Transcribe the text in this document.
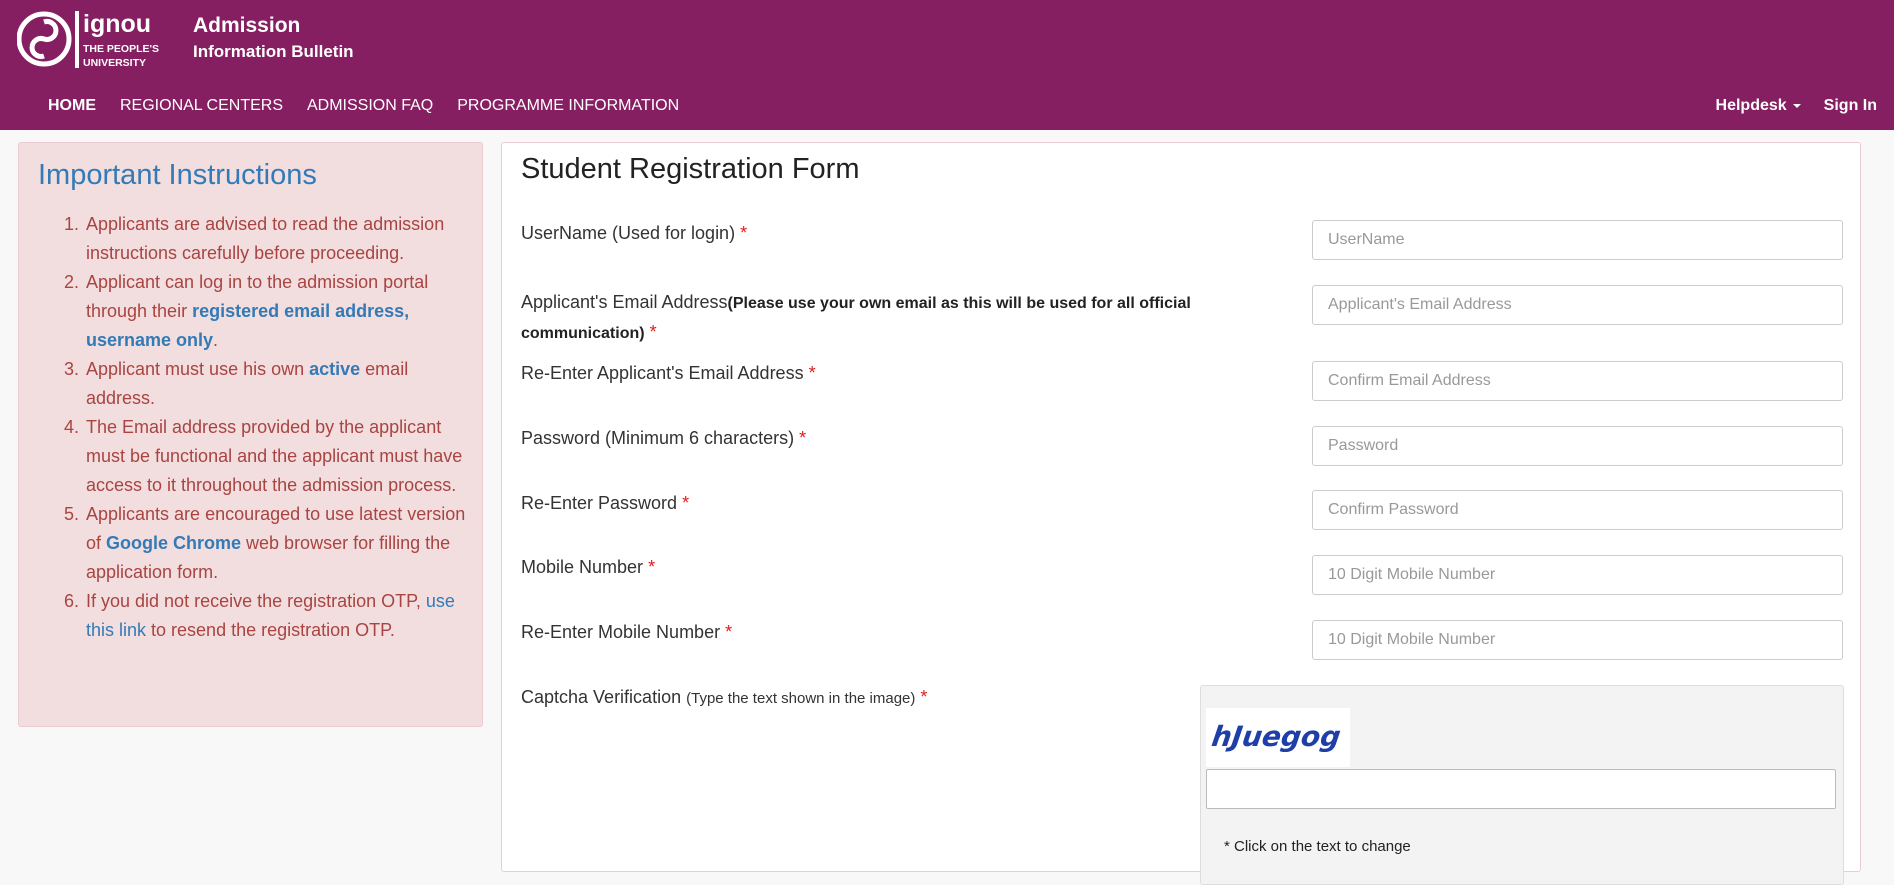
ignou
THE PEOPLE'S
UNIVERSITY
Admission
Information Bulletin
HOME REGIONAL CENTERS ADMISSION FAQ PROGRAMME INFORMATION	Helpdesk	Sign In
Important Instructions
1. Applicants are advised to read the admission instructions carefully before proceeding.
2. Applicant can log in to the admission portal through their registered email address, username only.
3. Applicant must use his own active email address.
4. The Email address provided by the applicant must be functional and the applicant must have access to it throughout the admission process.
5. Applicants are encouraged to use latest version of Google Chrome web browser for filling the application form.
6. If you did not receive the registration OTP, use this link to resend the registration OTP.
Student Registration Form
UserName (Used for login) *
UserName
Applicant's Email Address(Please use your own email as this will be used for all official
communication) *
Applicant's Email Address
Re-Enter Applicant's Email Address *
Confirm Email Address
Password (Minimum 6 characters) *
Re-Enter Password *
Mobile Number *
10 Digit Mobile Number
Re-Enter Mobile Number *
10 Digit Mobile Number
Captcha Verification (Type the text shown in the image) *
hJuegog
* Click on the text to change
